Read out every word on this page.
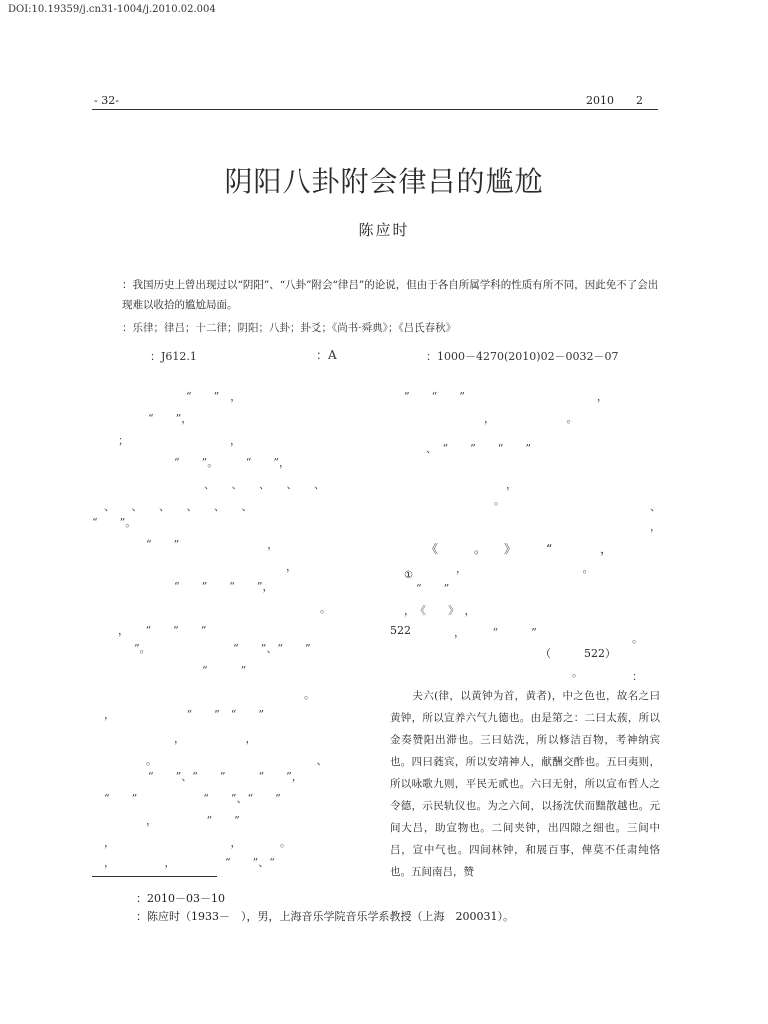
DOI:10.19359/j.cn31-1004/j.2010.02.004
- 32-	2010 2
阴阳八卦附会律吕的尴尬
陈应时
：我国历史上曾出现过以“阴阳”、“八卦”附会“律吕”的论说，但由于各自所属学科的性质有所不同，因此免不了会出现难以收拾的尴尬局面。
：乐律；律吕；十二律；阴阳；八卦；卦爻；《尚书·舜典》；《吕氏春秋》
：J612.1	：A	：1000－4270(2010)02－0032－07
“　　”　，
“　　”，
；	，
“　　”。　　　“　　”，
、　　、　　、　　、　　、
、　　、　　、　　、　　、　　、
“　　”。
“　　”　　　　　　　　，
，
“　　”　　“　　”，
。
，　　“　　”　　“
”。　　　　　　　　“　　”、“　　”
“　　　”
。
，　　　　　　　“　　”　“　　”
，　　　　　　，
。　　　　　　　　　　　　　　　、
“　　”、“　　”　　　“　　”，
“　　”　　　　　　“　　”、“　　”
，　　　　　“　　”
，　　　　　　　　　　　，　　　　。
，　　　　　，　　　　　“　　”、“
”　　“　　”　　　　　　　　　　　　，
，　　　　　　　。
、　“　　”　　“　　”
，
。	、
，
，　　　　　　　　　　　。
“　　”
，　《　　》　，
，　　　“　　　”	。
：
。
《　　　。　　》　　　“　　　　，
①
522
（　　　522）
夫六(律，以黄钟为首，黄者)，中之色也，故名之曰黄钟，所以宣养六气九德也。由是第之：二曰太蔟，所以金奏赞阳出滞也。三曰姑洗，所以修洁百物，考神纳宾也。四曰蕤宾，所以安靖神人，献酬交酢也。五曰夷则，所以咏歌九则，平民无贰也。六曰无射，所以宣布哲人之令德，示民轨仪也。为之六间，以扬沈伏而黜散越也。元间大吕，助宣物也。二间夹钟，出四隙之细也。三间中吕，宣中气也。四间林钟，和展百事，俾莫不任肃纯恪也。五间南吕，赞
：2010－03－10
：陈应时（1933－　），男，上海音乐学院音乐学系教授（上海　200031）。
